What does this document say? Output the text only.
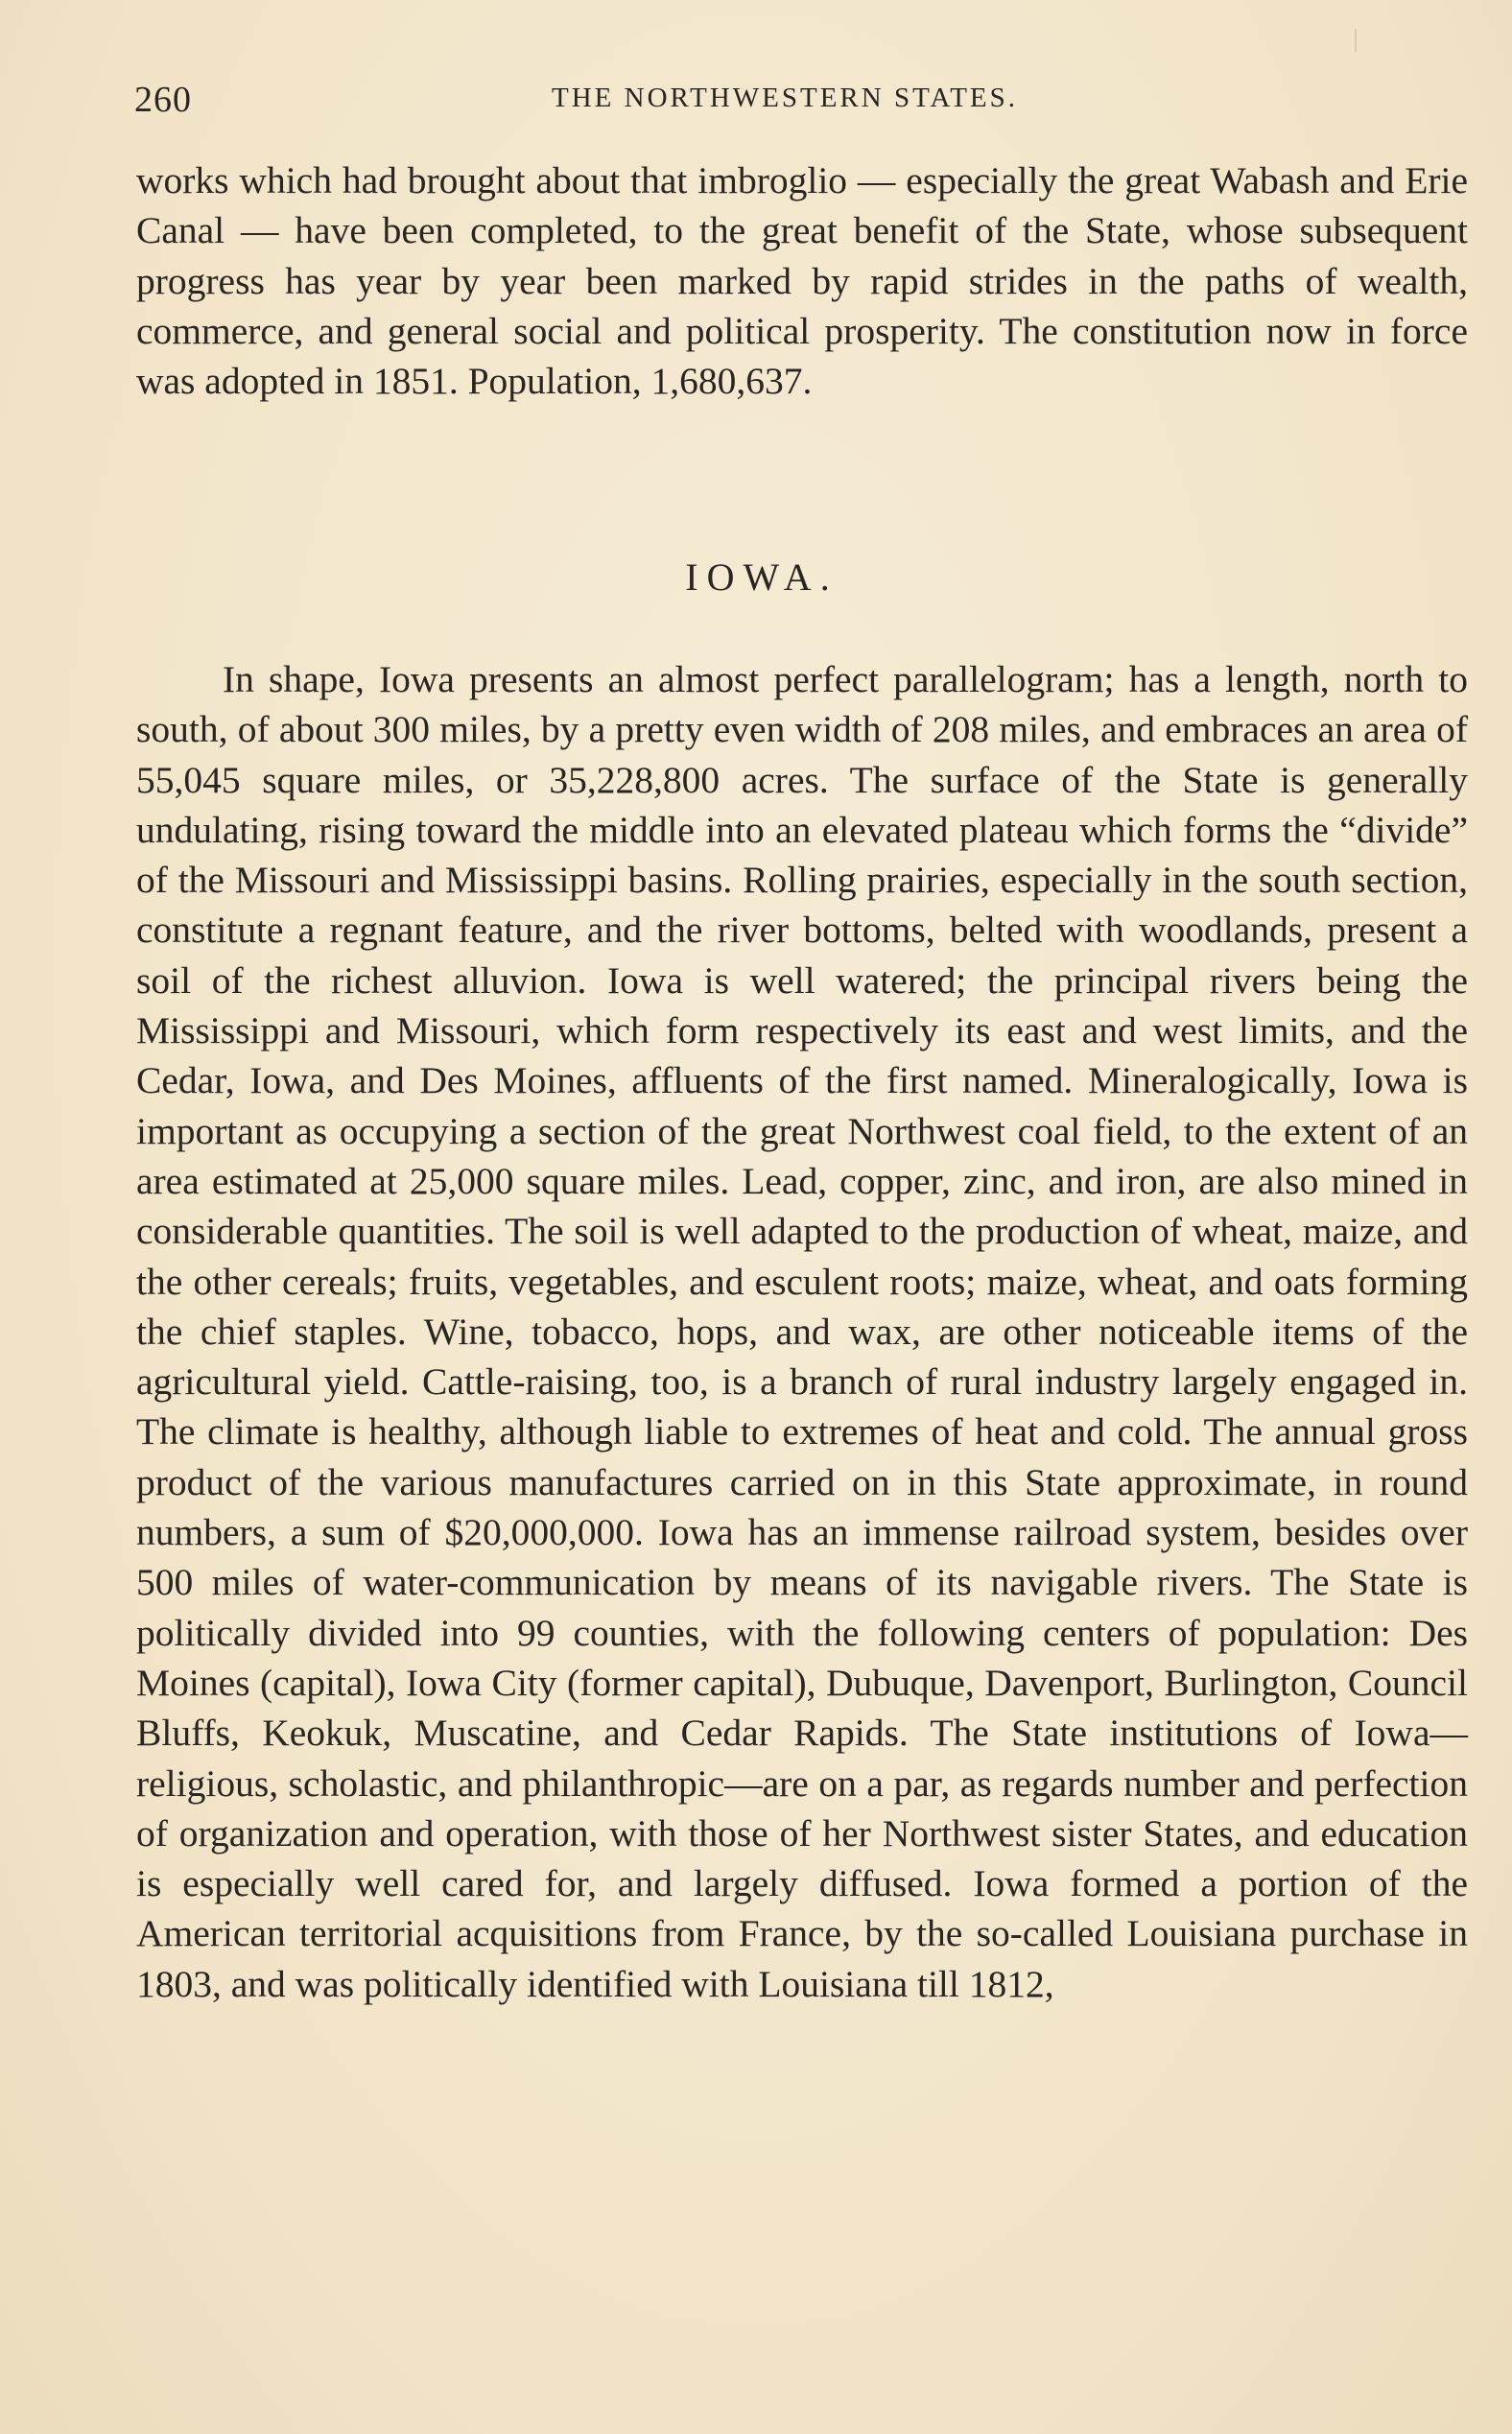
260	THE NORTHWESTERN STATES.

works which had brought about that imbroglio — especially the great Wabash and Erie Canal — have been completed, to the great benefit of the State, whose subsequent progress has year by year been marked by rapid strides in the paths of wealth, commerce, and general social and political prosperity. The constitution now in force was adopted in 1851. Population, 1,680,637.

IOWA.

In shape, Iowa presents an almost perfect parallelogram; has a length, north to south, of about 300 miles, by a pretty even width of 208 miles, and embraces an area of 55,045 square miles, or 35,228,800 acres. The surface of the State is generally undulating, rising toward the middle into an elevated plateau which forms the “divide” of the Missouri and Mississippi basins. Rolling prairies, especially in the south section, constitute a regnant feature, and the river bottoms, belted with woodlands, present a soil of the richest alluvion. Iowa is well watered; the principal rivers being the Mississippi and Missouri, which form respectively its east and west limits, and the Cedar, Iowa, and Des Moines, affluents of the first named. Mineralogically, Iowa is important as occupying a section of the great Northwest coal field, to the extent of an area estimated at 25,000 square miles. Lead, copper, zinc, and iron, are also mined in considerable quantities. The soil is well adapted to the production of wheat, maize, and the other cereals; fruits, vegetables, and esculent roots; maize, wheat, and oats forming the chief staples. Wine, tobacco, hops, and wax, are other noticeable items of the agricultural yield. Cattle-raising, too, is a branch of rural industry largely engaged in. The climate is healthy, although liable to extremes of heat and cold. The annual gross product of the various manufactures carried on in this State approximate, in round numbers, a sum of $20,000,000. Iowa has an immense railroad system, besides over 500 miles of water-communication by means of its navigable rivers. The State is politically divided into 99 counties, with the following centers of population: Des Moines (capital), Iowa City (former capital), Dubuque, Davenport, Burlington, Council Bluffs, Keokuk, Muscatine, and Cedar Rapids. The State institutions of Iowa—religious, scholastic, and philanthropic—are on a par, as regards number and perfection of organization and operation, with those of her Northwest sister States, and education is especially well cared for, and largely diffused. Iowa formed a portion of the American territorial acquisitions from France, by the so-called Louisiana purchase in 1803, and was politically identified with Louisiana till 1812,
